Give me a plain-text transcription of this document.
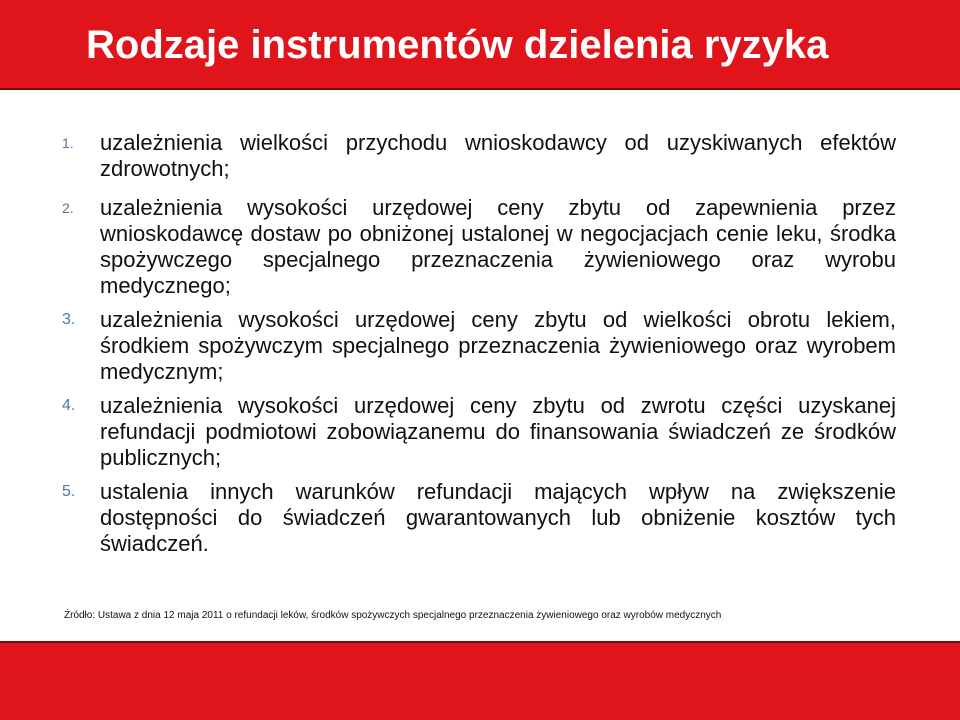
Rodzaje instrumentów dzielenia ryzyka
1. uzależnienia wielkości przychodu wnioskodawcy od uzyskiwanych efektów zdrowotnych;
2. uzależnienia wysokości urzędowej ceny zbytu od zapewnienia przez wnioskodawcę dostaw po obniżonej ustalonej w negocjacjach cenie leku, środka spożywczego specjalnego przeznaczenia żywieniowego oraz wyrobu medycznego;
3. uzależnienia wysokości urzędowej ceny zbytu od wielkości obrotu lekiem, środkiem spożywczym specjalnego przeznaczenia żywieniowego oraz wyrobem medycznym;
4. uzależnienia wysokości urzędowej ceny zbytu od zwrotu części uzyskanej refundacji podmiotowi zobowiązanemu do finansowania świadczeń ze środków publicznych;
5. ustalenia innych warunków refundacji mających wpływ na zwiększenie dostępności do świadczeń gwarantowanych lub obniżenie kosztów tych świadczeń.

Źródło: Ustawa z dnia 12 maja 2011 o refundacji leków, środków spożywczych specjalnego przeznaczenia żywieniowego oraz wyrobów medycznych
